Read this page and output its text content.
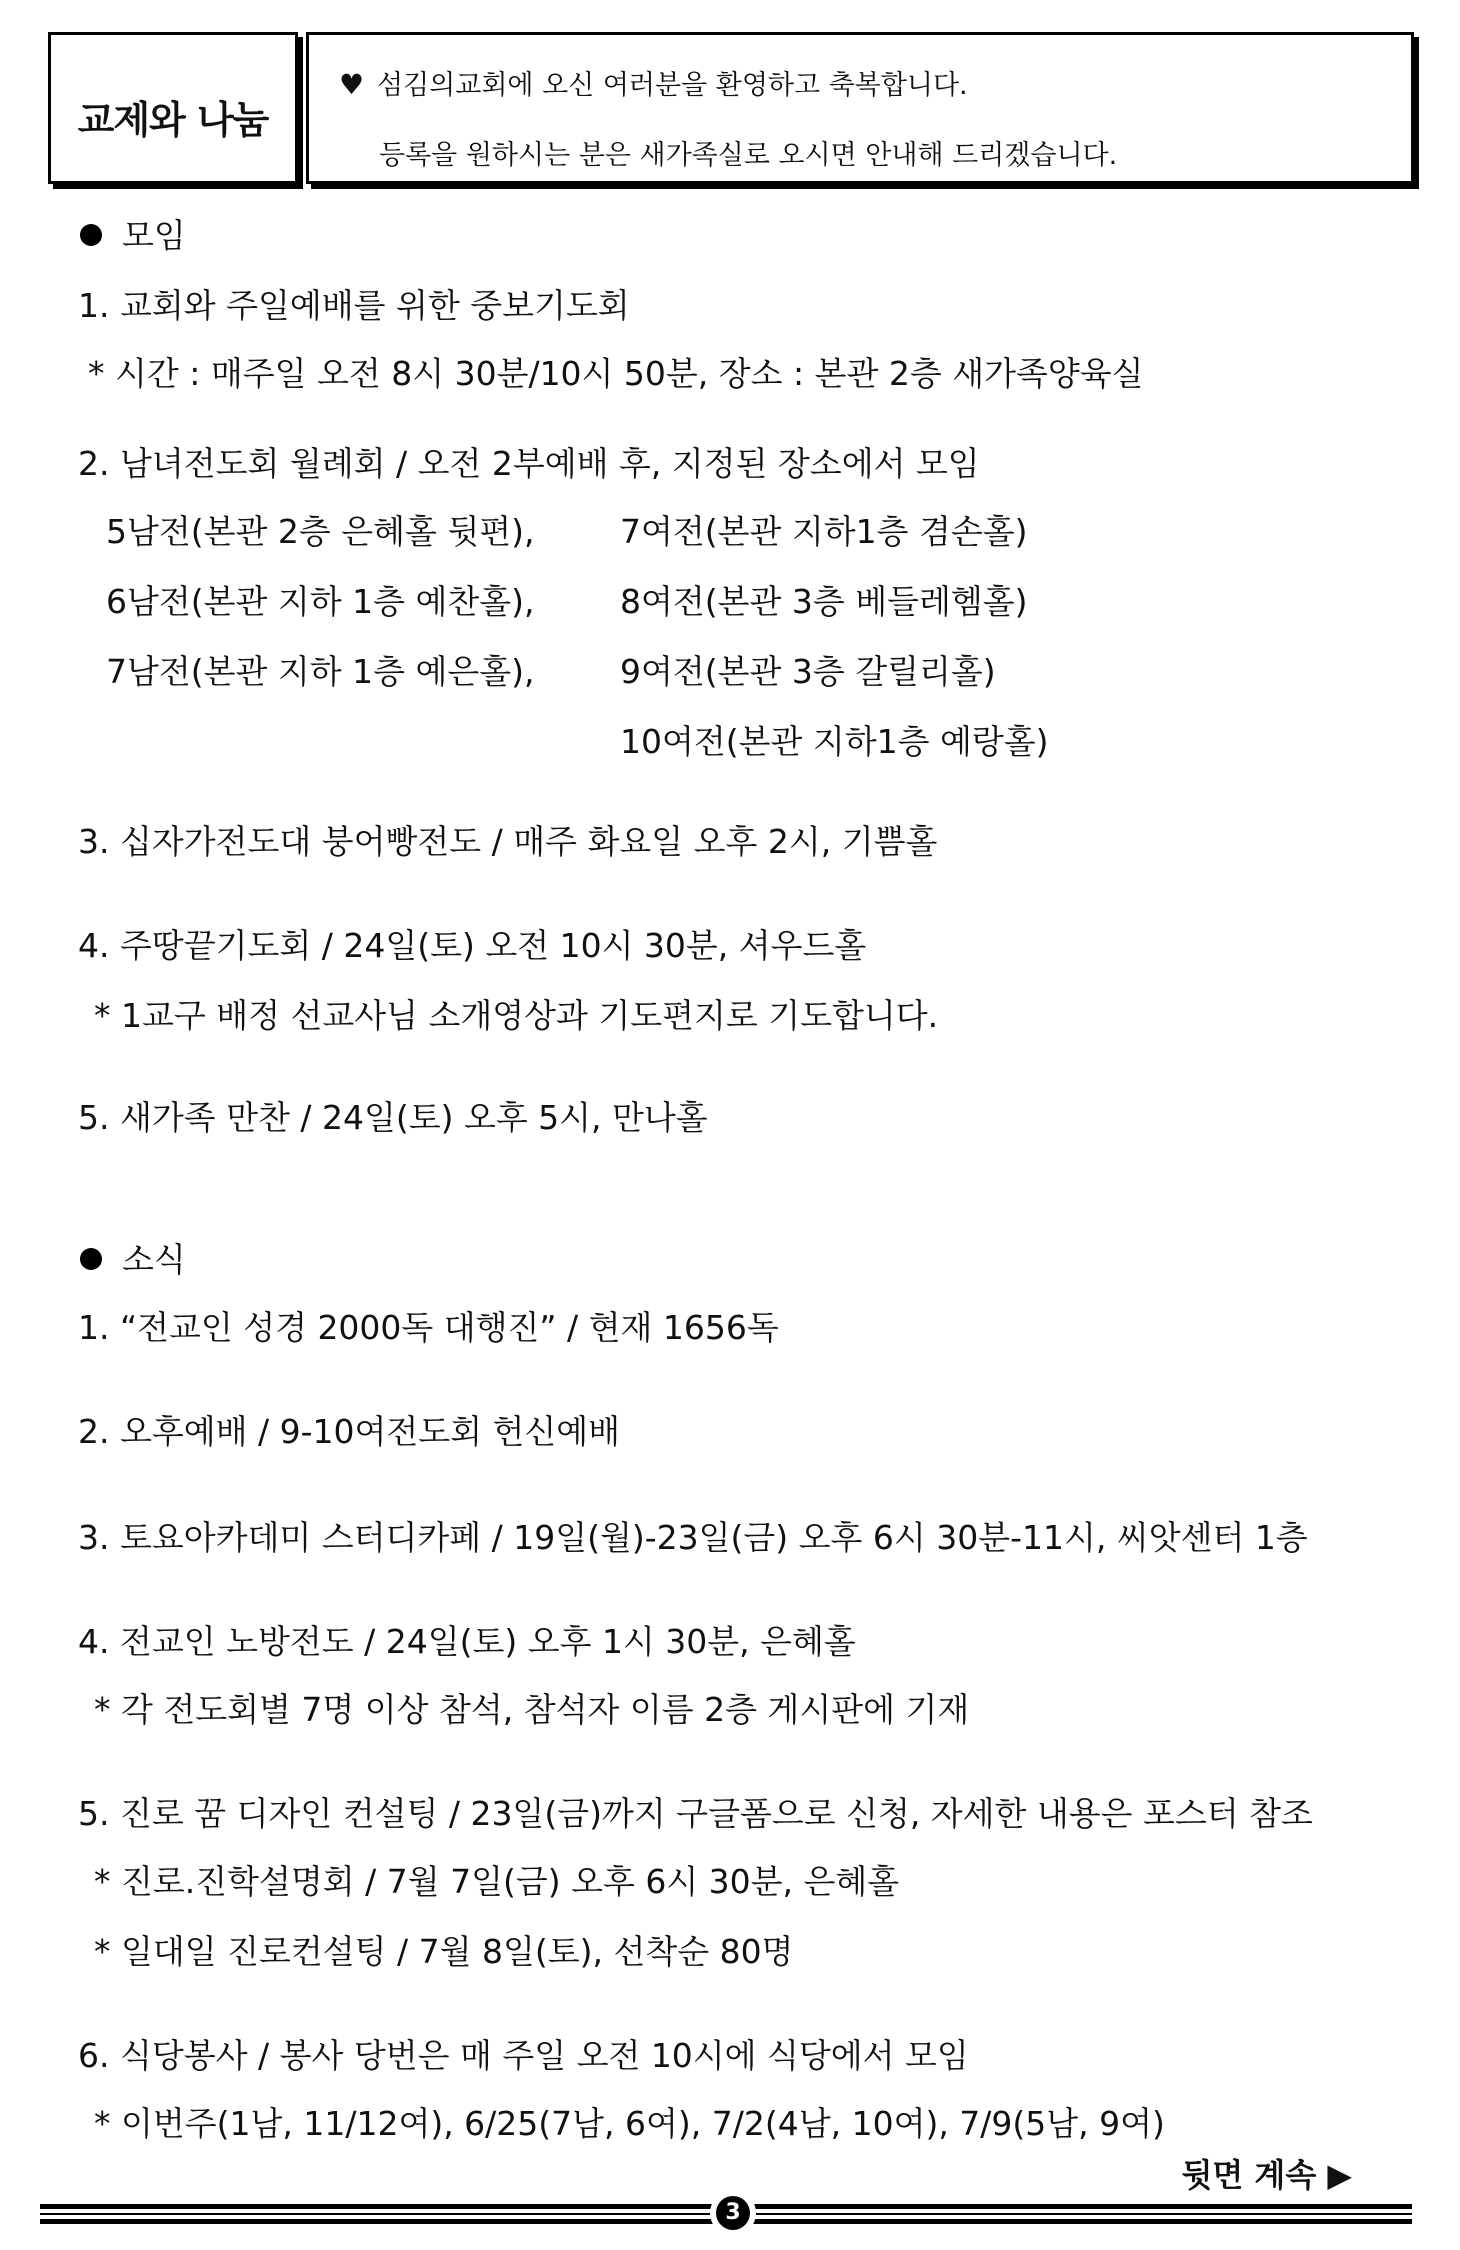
교제와 나눔
♥ 섬김의교회에 오신 여러분을 환영하고 축복합니다.
등록을 원하시는 분은 새가족실로 오시면 안내해 드리겠습니다.
모임
1. 교회와 주일예배를 위한 중보기도회
* 시간 : 매주일 오전 8시 30분/10시 50분, 장소 : 본관 2층 새가족양육실
2. 남녀전도회 월례회 / 오전 2부예배 후, 지정된 장소에서 모임
5남전(본관 2층 은혜홀 뒷편),
6남전(본관 지하 1층 예찬홀),
7남전(본관 지하 1층 예은홀),
7여전(본관 지하1층 겸손홀)
8여전(본관 3층 베들레헴홀)
9여전(본관 3층 갈릴리홀)
10여전(본관 지하1층 예랑홀)
3. 십자가전도대 붕어빵전도 / 매주 화요일 오후 2시, 기쁨홀
4. 주땅끝기도회 / 24일(토) 오전 10시 30분, 셔우드홀
* 1교구 배정 선교사님 소개영상과 기도편지로 기도합니다.
5. 새가족 만찬 / 24일(토) 오후 5시, 만나홀
소식
1. “전교인 성경 2000독 대행진” / 현재 1656독
2. 오후예배 / 9-10여전도회 헌신예배
3. 토요아카데미 스터디카페 / 19일(월)-23일(금) 오후 6시 30분-11시, 씨앗센터 1층
4. 전교인 노방전도 / 24일(토) 오후 1시 30분, 은혜홀
* 각 전도회별 7명 이상 참석, 참석자 이름 2층 게시판에 기재
5. 진로 꿈 디자인 컨설팅 / 23일(금)까지 구글폼으로 신청, 자세한 내용은 포스터 참조
* 진로.진학설명회 / 7월 7일(금) 오후 6시 30분, 은혜홀
* 일대일 진로컨설팅 / 7월 8일(토), 선착순 80명
6. 식당봉사 / 봉사 당번은 매 주일 오전 10시에 식당에서 모임
* 이번주(1남, 11/12여), 6/25(7남, 6여), 7/2(4남, 10여), 7/9(5남, 9여)
뒷면 계속 ▶
3
